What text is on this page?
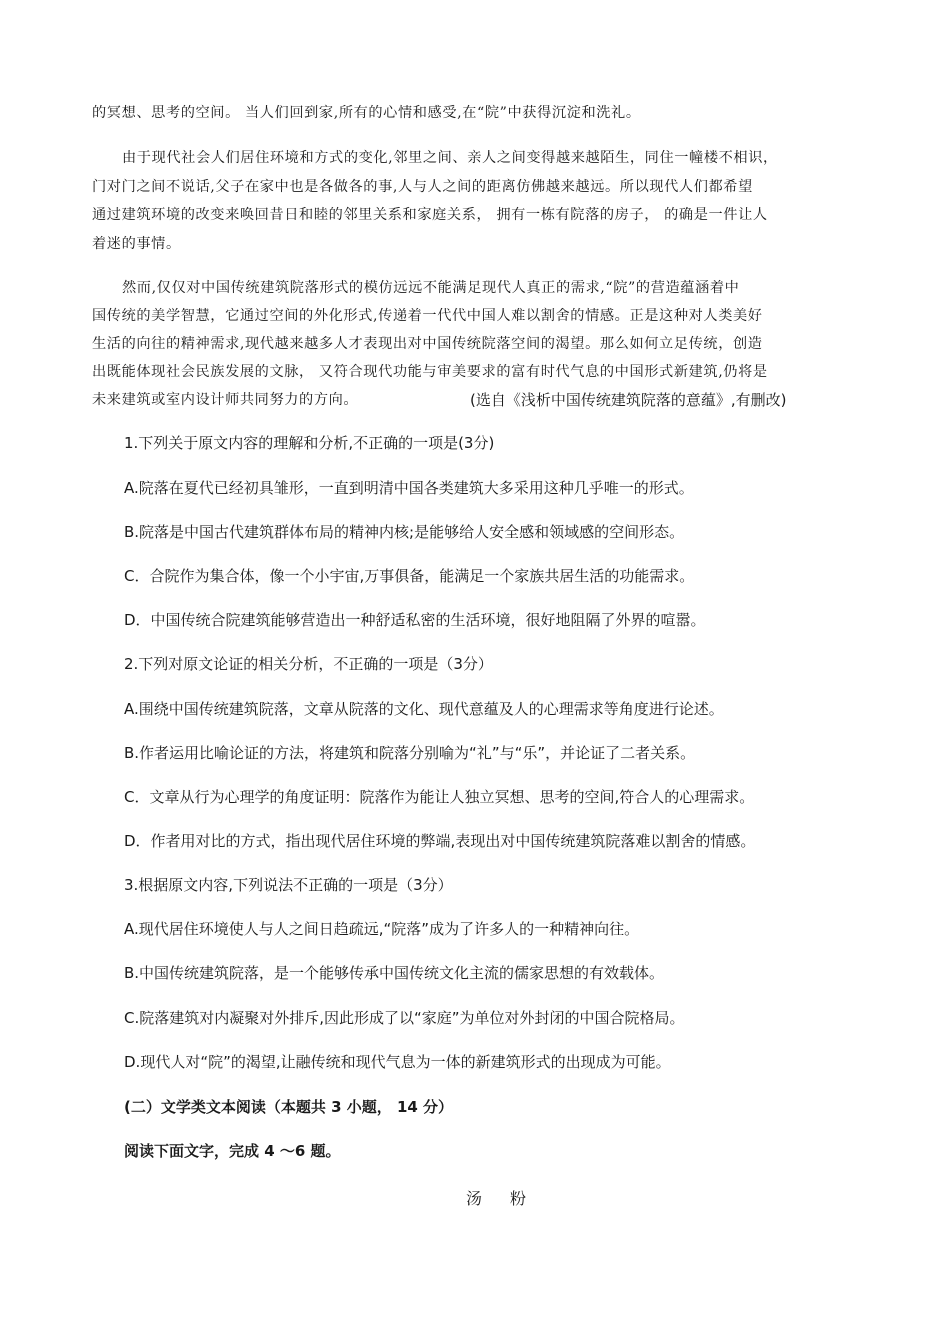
的冥想、思考的空间。 当人们回到家,所有的心情和感受,在“院”中获得沉淀和洗礼。
由于现代社会人们居住环境和方式的变化,邻里之间、亲人之间变得越来越陌生，同住一幢楼不相识，
门对门之间不说话,父子在家中也是各做各的事,人与人之间的距离仿佛越来越远。所以现代人们都希望
通过建筑环境的改变来唤回昔日和睦的邻里关系和家庭关系， 拥有一栋有院落的房子， 的确是一件让人
着迷的事情。
然而,仅仅对中国传统建筑院落形式的模仿远远不能满足现代人真正的需求,“院”的营造蕴涵着中
国传统的美学智慧，它通过空间的外化形式,传递着一代代中国人难以割舍的情感。正是这种对人类美好
生活的向往的精神需求,现代越来越多人才表现出对中国传统院落空间的渴望。那么如何立足传统，创造
出既能体现社会民族发展的文脉， 又符合现代功能与审美要求的富有时代气息的中国形式新建筑,仍将是
未来建筑或室内设计师共同努力的方向。	(选自《浅析中国传统建筑院落的意蕴》,有删改)
1.下列关于原文内容的理解和分析,不正确的一项是(3分)
A.院落在夏代已经初具雏形，一直到明清中国各类建筑大多采用这种几乎唯一的形式。
B.院落是中国古代建筑群体布局的精神内核;是能够给人安全感和领域感的空间形态。
C．合院作为集合体，像一个小宇宙,万事俱备，能满足一个家族共居生活的功能需求。
D．中国传统合院建筑能够营造出一种舒适私密的生活环境，很好地阻隔了外界的喧嚣。
2.下列对原文论证的相关分析，不正确的一项是（3分）
A.围绕中国传统建筑院落，文章从院落的文化、现代意蕴及人的心理需求等角度进行论述。
B.作者运用比喻论证的方法，将建筑和院落分别喻为“礼”与“乐”，并论证了二者关系。
C．文章从行为心理学的角度证明：院落作为能让人独立冥想、思考的空间,符合人的心理需求。
D．作者用对比的方式，指出现代居住环境的弊端,表现出对中国传统建筑院落难以割舍的情感。
3.根据原文内容,下列说法不正确的一项是（3分）
A.现代居住环境使人与人之间日趋疏远,“院落”成为了许多人的一种精神向往。
B.中国传统建筑院落，是一个能够传承中国传统文化主流的儒家思想的有效载体。
C.院落建筑对内凝聚对外排斥,因此形成了以“家庭”为单位对外封闭的中国合院格局。
D.现代人对“院”的渴望,让融传统和现代气息为一体的新建筑形式的出现成为可能。
(二）文学类文本阅读（本题共 3 小题， 14 分）
阅读下面文字，完成 4 ～6 题。
汤粉
